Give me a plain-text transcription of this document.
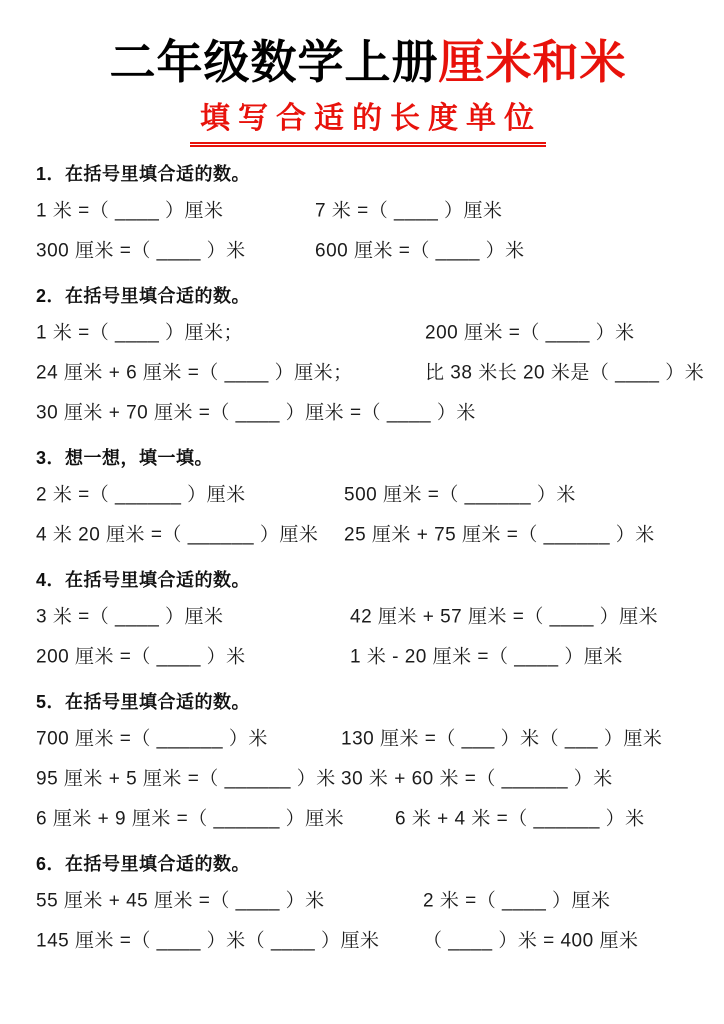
二年级数学上册厘米和米
填写合适的长度单位
1．在括号里填合适的数。
1 米 =（ ____ ）厘米	7 米 =（ ____ ）厘米
300 厘米 =（ ____ ）米	600 厘米 =（ ____ ）米
2．在括号里填合适的数。
1 米 =（ ____ ）厘米；	200 厘米 =（ ____ ）米
24 厘米 + 6 厘米 =（ ____ ）厘米；	比 38 米长 20 米是（ ____ ）米
30 厘米 + 70 厘米 =（ ____ ）厘米 =（ ____ ）米
3．想一想，填一填。
2 米 =（ ______ ）厘米	500 厘米 =（ ______ ）米
4 米 20 厘米 =（ ______ ）厘米 25 厘米 + 75 厘米 =（ ______ ）米
4．在括号里填合适的数。
3 米 =（ ____ ）厘米	42 厘米 + 57 厘米 =（ ____ ）厘米
200 厘米 =（ ____ ）米	1 米 - 20 厘米 =（ ____ ）厘米
5．在括号里填合适的数。
700 厘米 =（ ______ ）米	130 厘米 =（ ___ ）米（ ___ ）厘米
95 厘米 + 5 厘米 =（ ______ ）米 30 米 + 60 米 =（ ______ ）米
6 厘米 + 9 厘米 =（ ______ ）厘米	6 米 + 4 米 =（ ______ ）米
6．在括号里填合适的数。
55 厘米 + 45 厘米 =（ ____ ）米	2 米 =（ ____ ）厘米
145 厘米 =（ ____ ）米（ ____ ）厘米 （ ____ ）米 = 400 厘米
